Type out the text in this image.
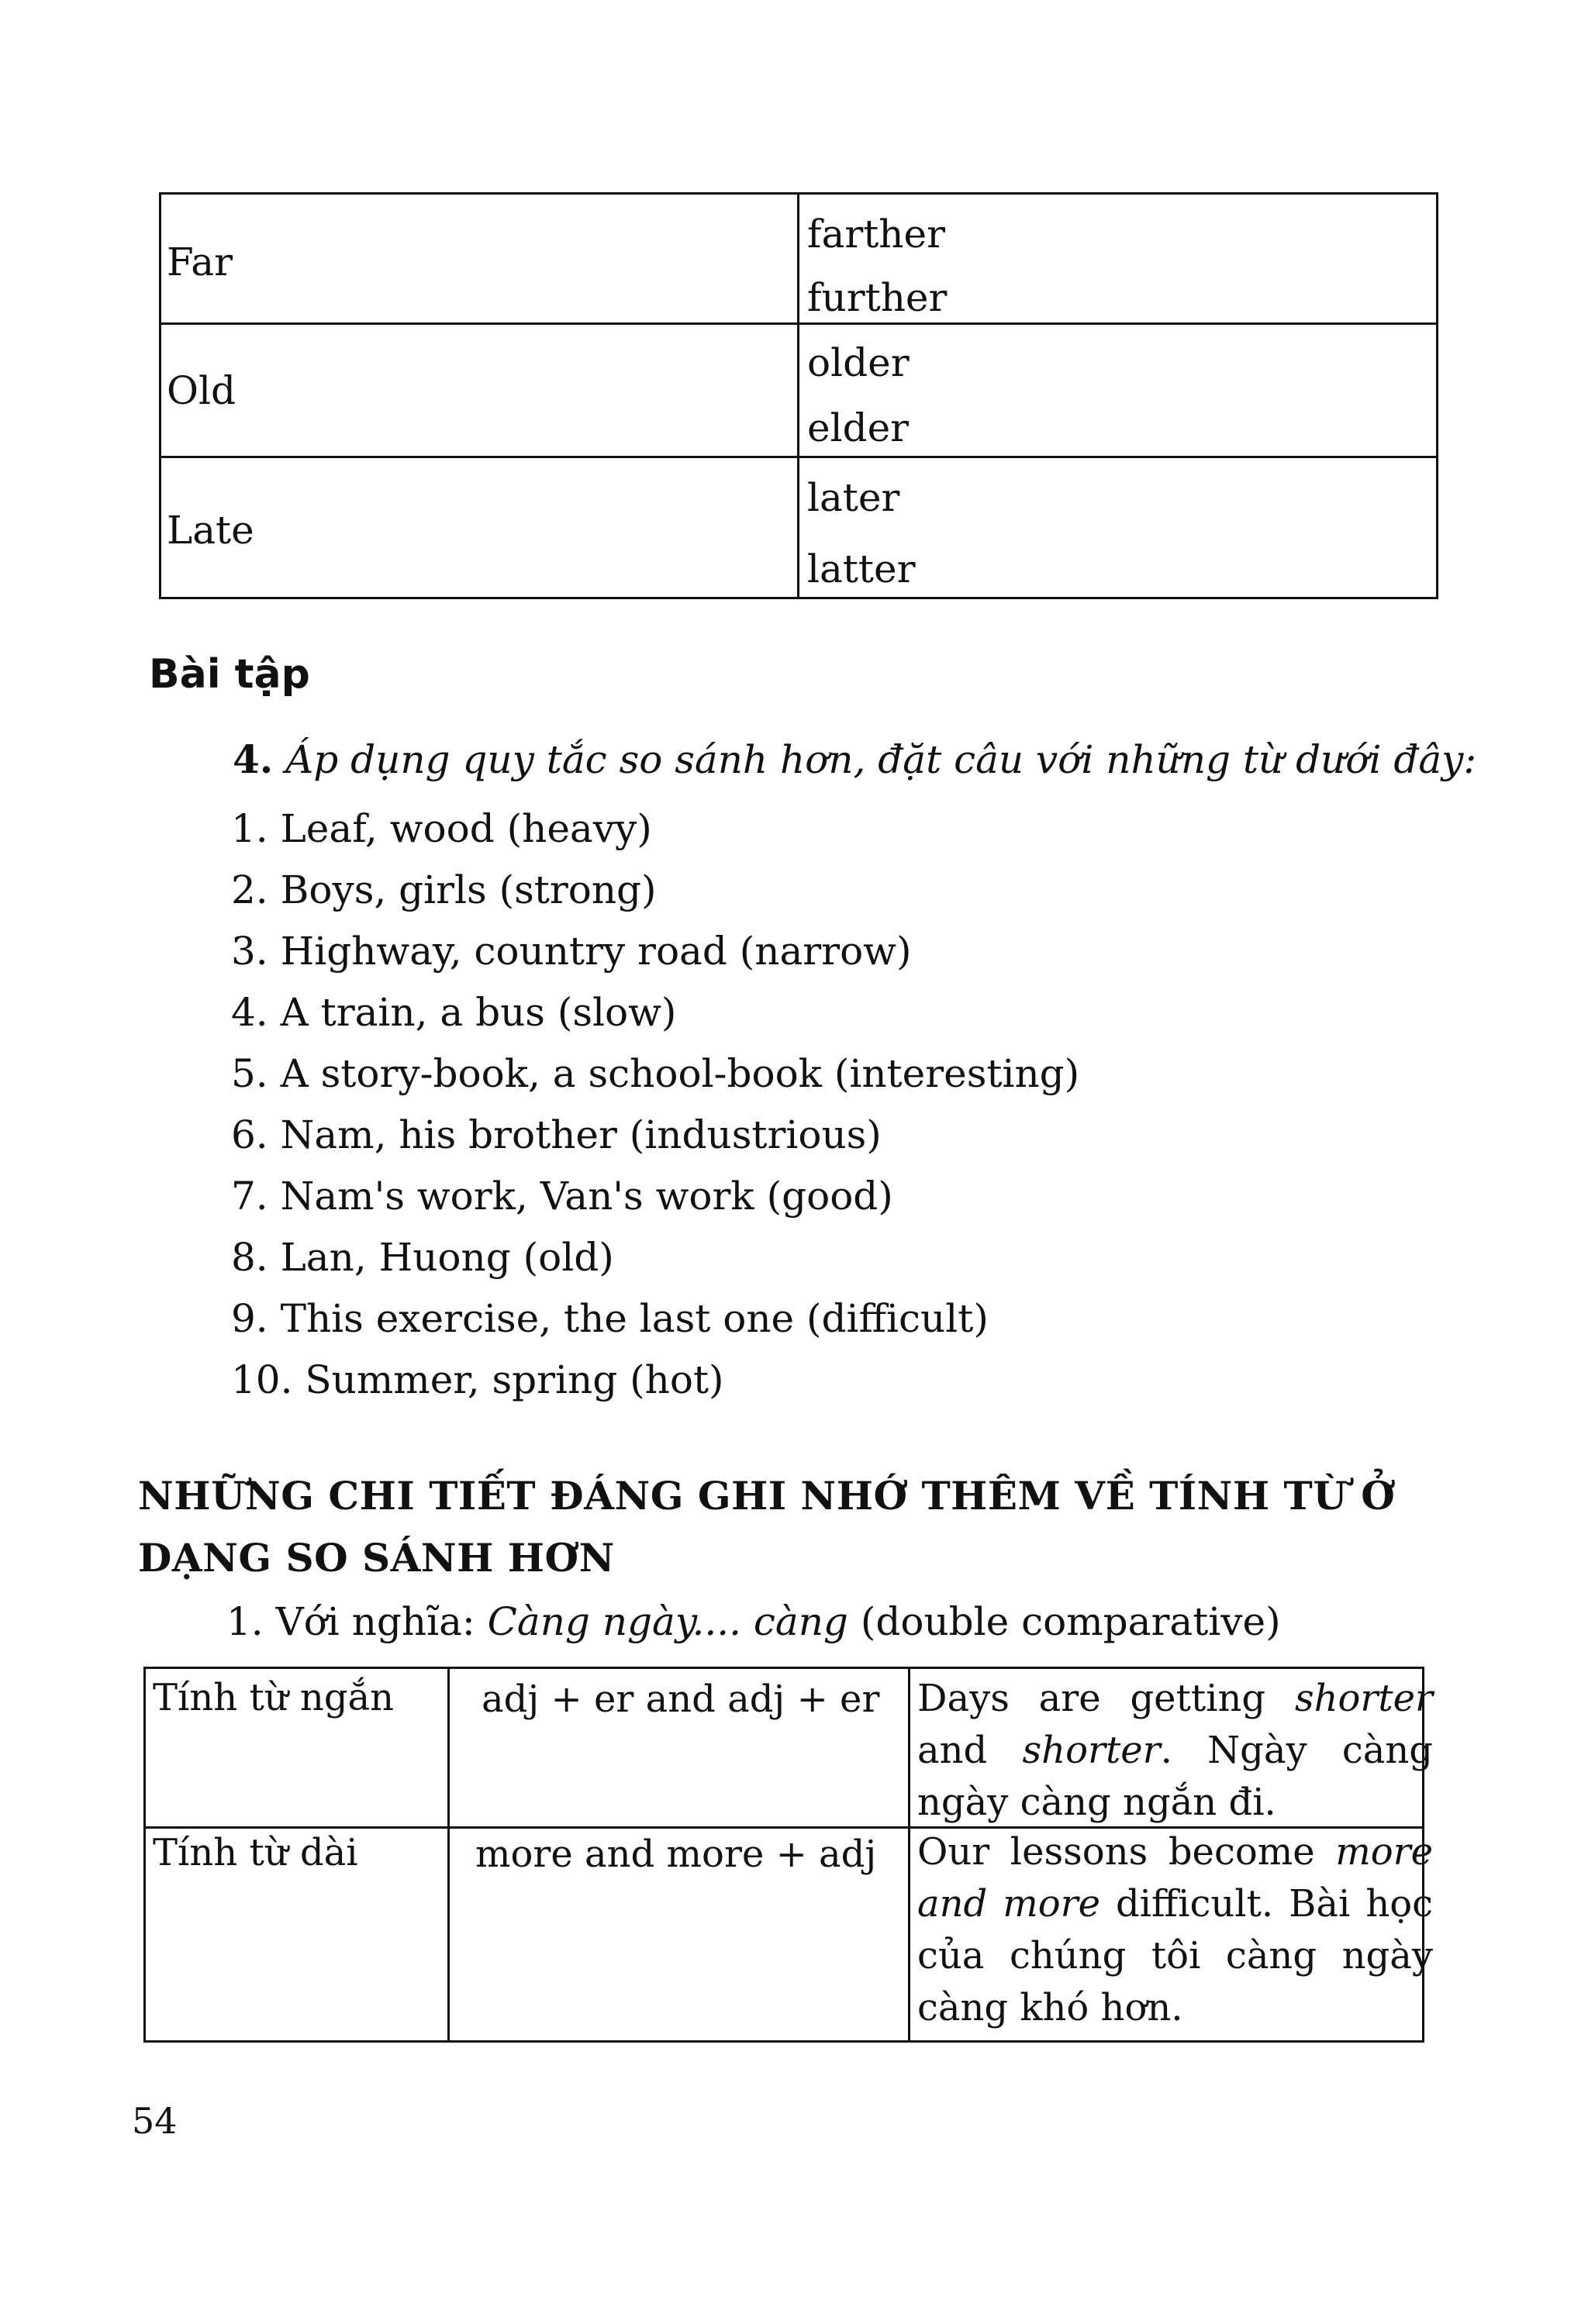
Far
farther
further
Old
older
elder
Late
later
latter
Bài tập
4. Áp dụng quy tắc so sánh hơn, đặt câu với những từ dưới đây:
1. Leaf, wood (heavy)
2. Boys, girls (strong)
3. Highway, country road (narrow)
4. A train, a bus (slow)
5. A story-book, a school-book (interesting)
6. Nam, his brother (industrious)
7. Nam's work, Van's work (good)
8. Lan, Huong (old)
9. This exercise, the last one (difficult)
10. Summer, spring (hot)
NHỮNG CHI TIẾT ĐÁNG GHI NHỚ THÊM VỀ TÍNH TỪ Ở
DẠNG SO SÁNH HƠN
1. Với nghĩa: Càng ngày.... càng (double comparative)
Tính từ ngắn adj + er and adj + er Days are getting shorter and shorter. Ngày càng ngày càng ngắn đi.
Tính từ dài	more and more + adj Our lessons become more and more difficult. Bài học của chúng tôi càng ngày càng khó hơn.
54
